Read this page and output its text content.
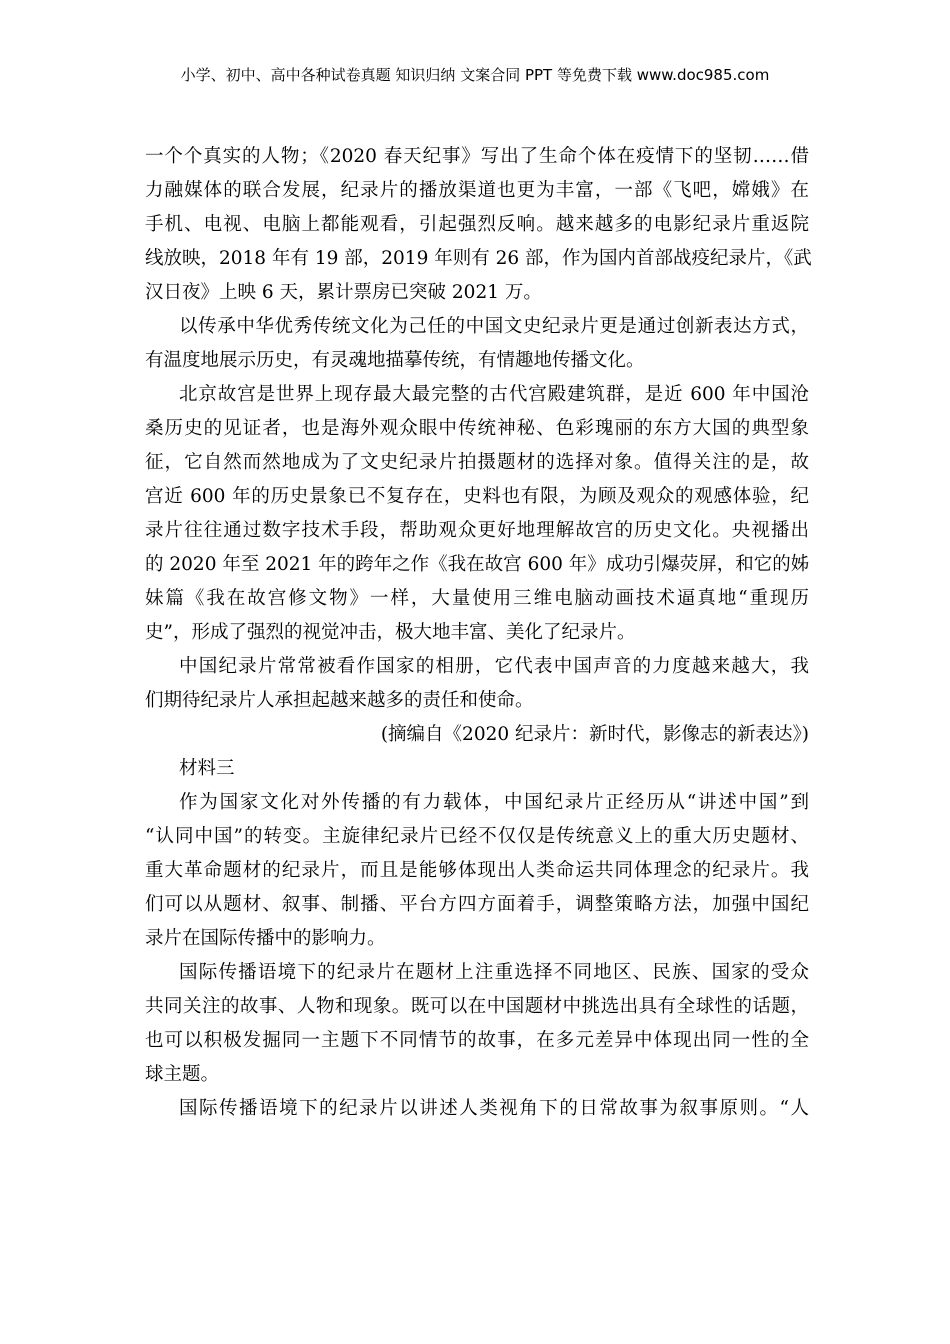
小学、初中、高中各种试卷真题 知识归纳 文案合同 PPT 等免费下载 www.doc985.com
一个个真实的人物；《2020 春天纪事》写出了生命个体在疫情下的坚韧……借
力融媒体的联合发展，纪录片的播放渠道也更为丰富，一部《飞吧，嫦娥》在
手机、电视、电脑上都能观看，引起强烈反响。越来越多的电影纪录片重返院
线放映，2018 年有 19 部，2019 年则有 26 部，作为国内首部战疫纪录片，《武
汉日夜》上映 6 天，累计票房已突破 2021 万。
以传承中华优秀传统文化为己任的中国文史纪录片更是通过创新表达方式，
有温度地展示历史，有灵魂地描摹传统，有情趣地传播文化。
北京故宫是世界上现存最大最完整的古代宫殿建筑群，是近 600 年中国沧
桑历史的见证者，也是海外观众眼中传统神秘、色彩瑰丽的东方大国的典型象
征，它自然而然地成为了文史纪录片拍摄题材的选择对象。值得关注的是，故
宫近 600 年的历史景象已不复存在，史料也有限，为顾及观众的观感体验，纪
录片往往通过数字技术手段，帮助观众更好地理解故宫的历史文化。央视播出
的 2020 年至 2021 年的跨年之作《我在故宫 600 年》成功引爆荧屏，和它的姊
妹篇《我在故宫修文物》一样，大量使用三维电脑动画技术逼真地“重现历
史”，形成了强烈的视觉冲击，极大地丰富、美化了纪录片。
中国纪录片常常被看作国家的相册，它代表中国声音的力度越来越大，我
们期待纪录片人承担起越来越多的责任和使命。
(摘编自《2020 纪录片：新时代，影像志的新表达》)
材料三
作为国家文化对外传播的有力载体，中国纪录片正经历从“讲述中国”到
“认同中国”的转变。主旋律纪录片已经不仅仅是传统意义上的重大历史题材、
重大革命题材的纪录片，而且是能够体现出人类命运共同体理念的纪录片。我
们可以从题材、叙事、制播、平台方四方面着手，调整策略方法，加强中国纪
录片在国际传播中的影响力。
国际传播语境下的纪录片在题材上注重选择不同地区、民族、国家的受众
共同关注的故事、人物和现象。既可以在中国题材中挑选出具有全球性的话题，
也可以积极发掘同一主题下不同情节的故事，在多元差异中体现出同一性的全
球主题。
国际传播语境下的纪录片以讲述人类视角下的日常故事为叙事原则。“人
